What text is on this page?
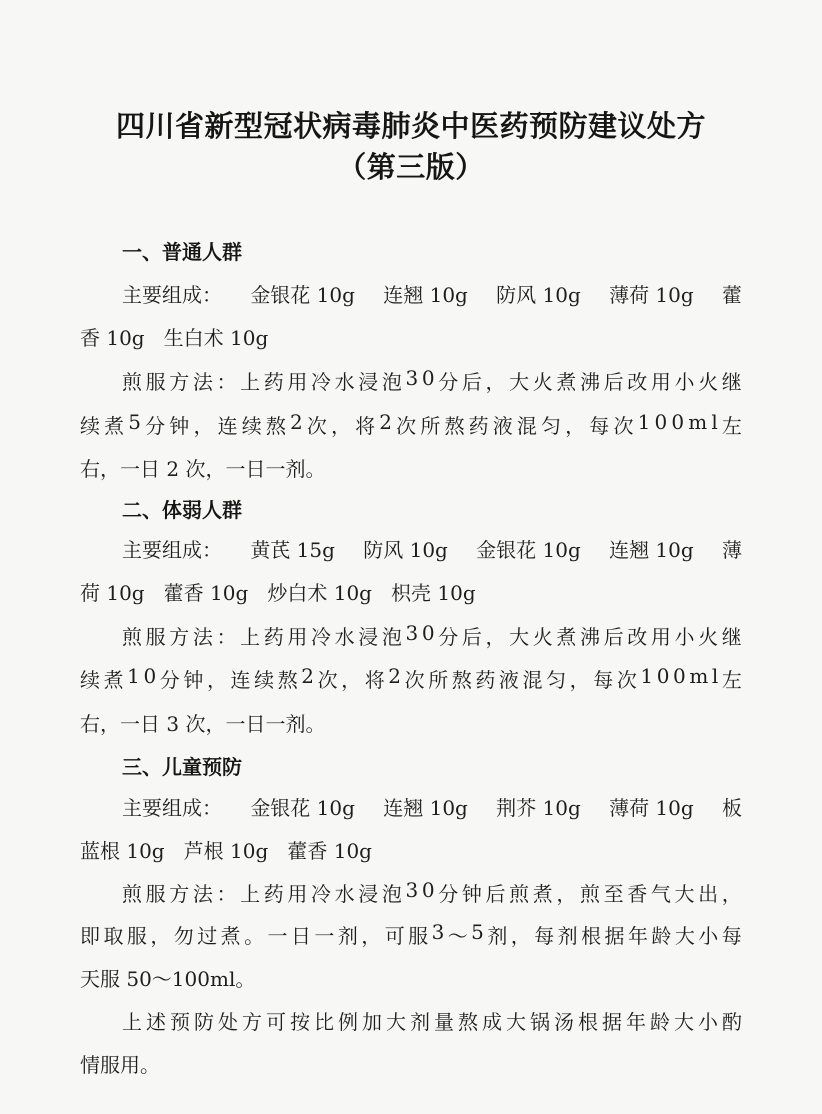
四川省新型冠状病毒肺炎中医药预防建议处方
（第三版）
一、普通人群
主要组成： 金银花 10g 连翘 10g 防风 10g 薄荷 10g 藿
香 10g   生白术 10g
煎 服 方 法 ： 上 药 用 冷 水 浸 泡 3 0 分 后 ， 大 火 煮 沸 后 改 用 小 火 继
续 煮 5 分 钟 ， 连 续 熬 2 次 ， 将 2 次 所 熬 药 液 混 匀 ， 每 次 1 0 0 m l 左
右，一日 2 次，一日一剂。
二、体弱人群
主要组成： 黄芪 15g 防风 10g 金银花 10g 连翘 10g 薄
荷 10g   藿香 10g   炒白术 10g   枳壳 10g
煎 服 方 法 ： 上 药 用 冷 水 浸 泡 3 0 分 后 ， 大 火 煮 沸 后 改 用 小 火 继
续 煮 1 0 分 钟 ， 连 续 熬 2 次 ， 将 2 次 所 熬 药 液 混 匀 ， 每 次 1 0 0 m l 左
右，一日 3 次，一日一剂。
三、儿童预防
主要组成： 金银花 10g 连翘 10g 荆芥 10g 薄荷 10g 板
蓝根 10g   芦根 10g   藿香 10g
煎 服 方 法 ： 上 药 用 冷 水 浸 泡 3 0 分 钟 后 煎 煮 ， 煎 至 香 气 大 出 ，
即 取 服 ， 勿 过 煮 。 一 日 一 剂 ， 可 服 3 ～ 5 剂 ， 每 剂 根 据 年 龄 大 小 每
天服 50～100ml。
上 述 预 防 处 方 可 按 比 例 加 大 剂 量 熬 成 大 锅 汤 根 据 年 龄 大 小 酌
情服用。
